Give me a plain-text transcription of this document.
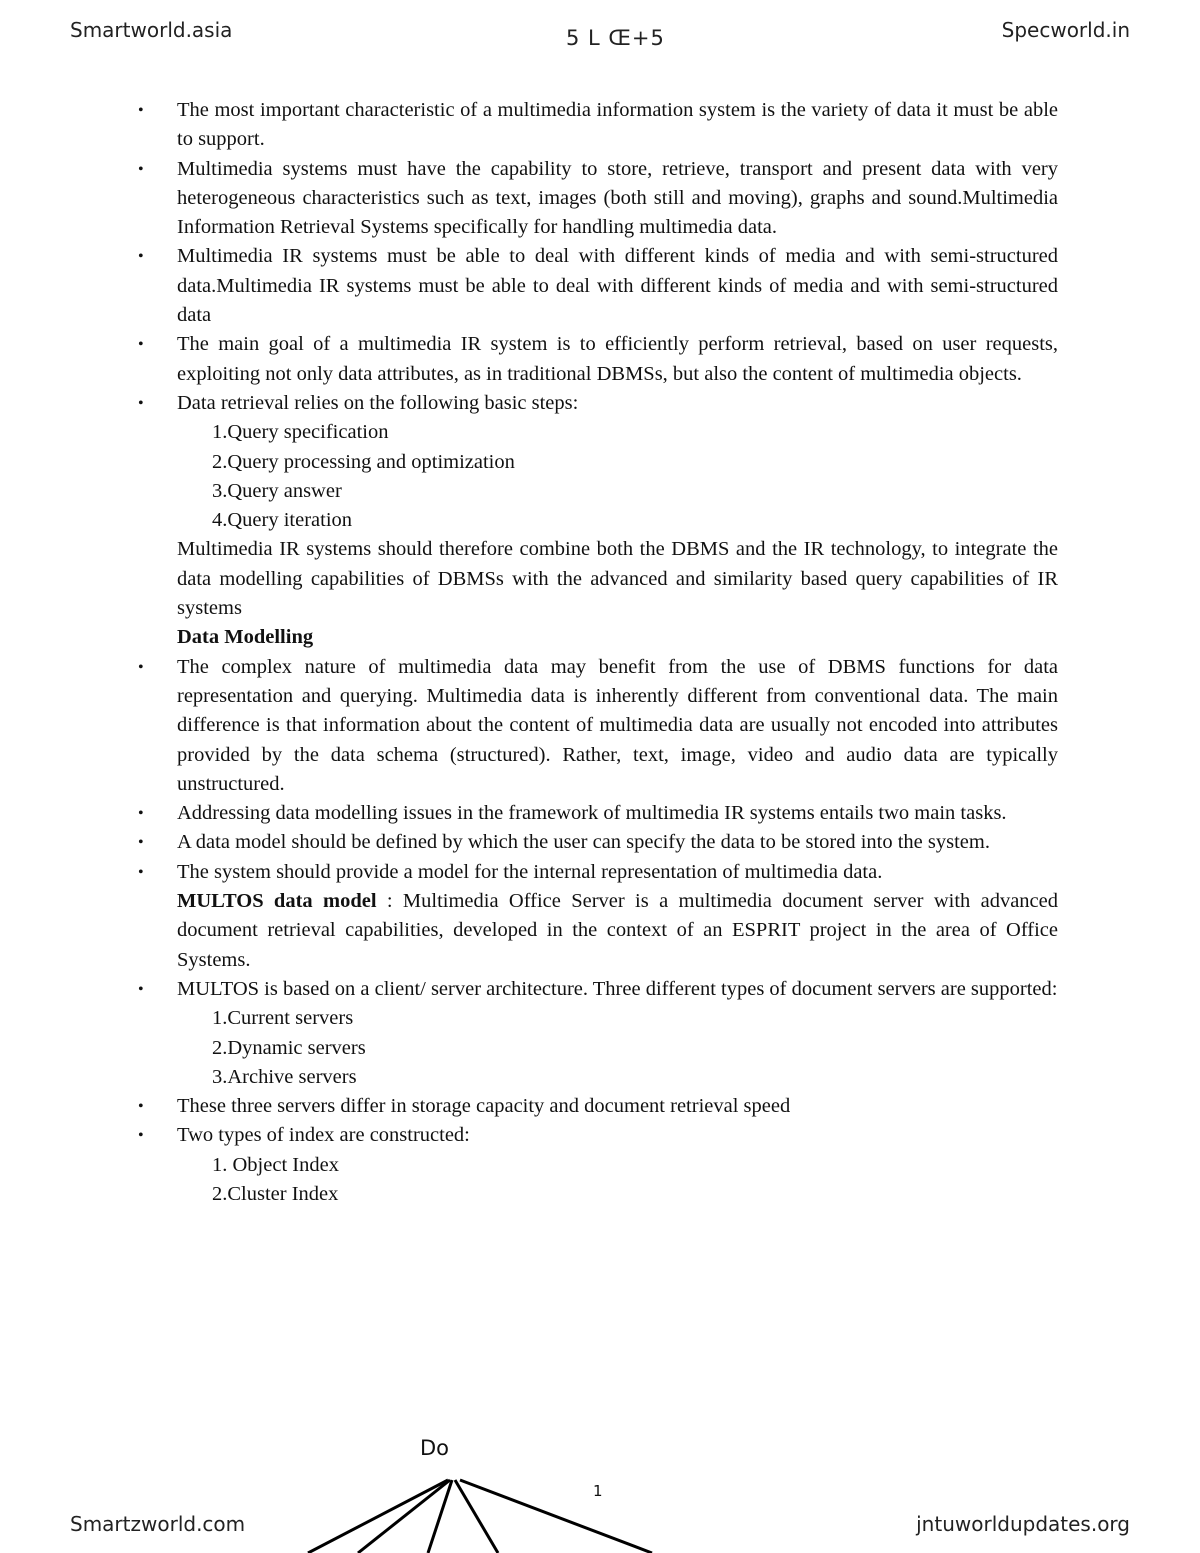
Smartworld.asia	5 L Œ+5	Specworld.in
•
The most important characteristic of a multimedia information system is the variety of data it must be able to support.
•
Multimedia systems must have the capability to store, retrieve, transport and present data with very heterogeneous characteristics such as text, images (both still and moving), graphs and sound.Multimedia Information Retrieval Systems specifically for handling multimedia data.
•
Multimedia IR systems must be able to deal with different kinds of media and with semi-structured data.Multimedia IR systems must be able to deal with different kinds of media and with semi-structured data
•
The main goal of a multimedia IR system is to efficiently perform retrieval, based on user requests, exploiting not only data attributes, as in traditional DBMSs, but also the content of multimedia objects.
•
Data retrieval relies on the following basic steps:
1.Query specification
2.Query processing and optimization
3.Query answer
4.Query iteration
Multimedia IR systems should therefore combine both the DBMS and the IR technology, to integrate the data modelling capabilities of DBMSs with the advanced and similarity based query capabilities of IR systems
Data Modelling
•
The complex nature of multimedia data may benefit from the use of DBMS functions for data representation and querying. Multimedia data is inherently different from conventional data. The main difference is that information about the content of multimedia data are usually not encoded into attributes provided by the data schema (structured). Rather, text, image, video and audio data are typically unstructured.
•
Addressing data modelling issues in the framework of multimedia IR systems entails two main tasks.
•
A data model should be defined by which the user can specify the data to be stored into the system.
•
The system should provide a model for the internal representation of multimedia data.
MULTOS data model : Multimedia Office Server is a multimedia document server with advanced document retrieval capabilities, developed in the context of an ESPRIT project in the area of Office Systems.
•
MULTOS is based on a client/ server architecture. Three different types of document servers are supported:
1.Current servers
2.Dynamic servers
3.Archive servers
•
These three servers differ in storage capacity and document retrieval speed
•
Two types of index are constructed:
1. Object Index
2.Cluster Index
Do
1
Smartzworld.com	jntuworldupdates.org
